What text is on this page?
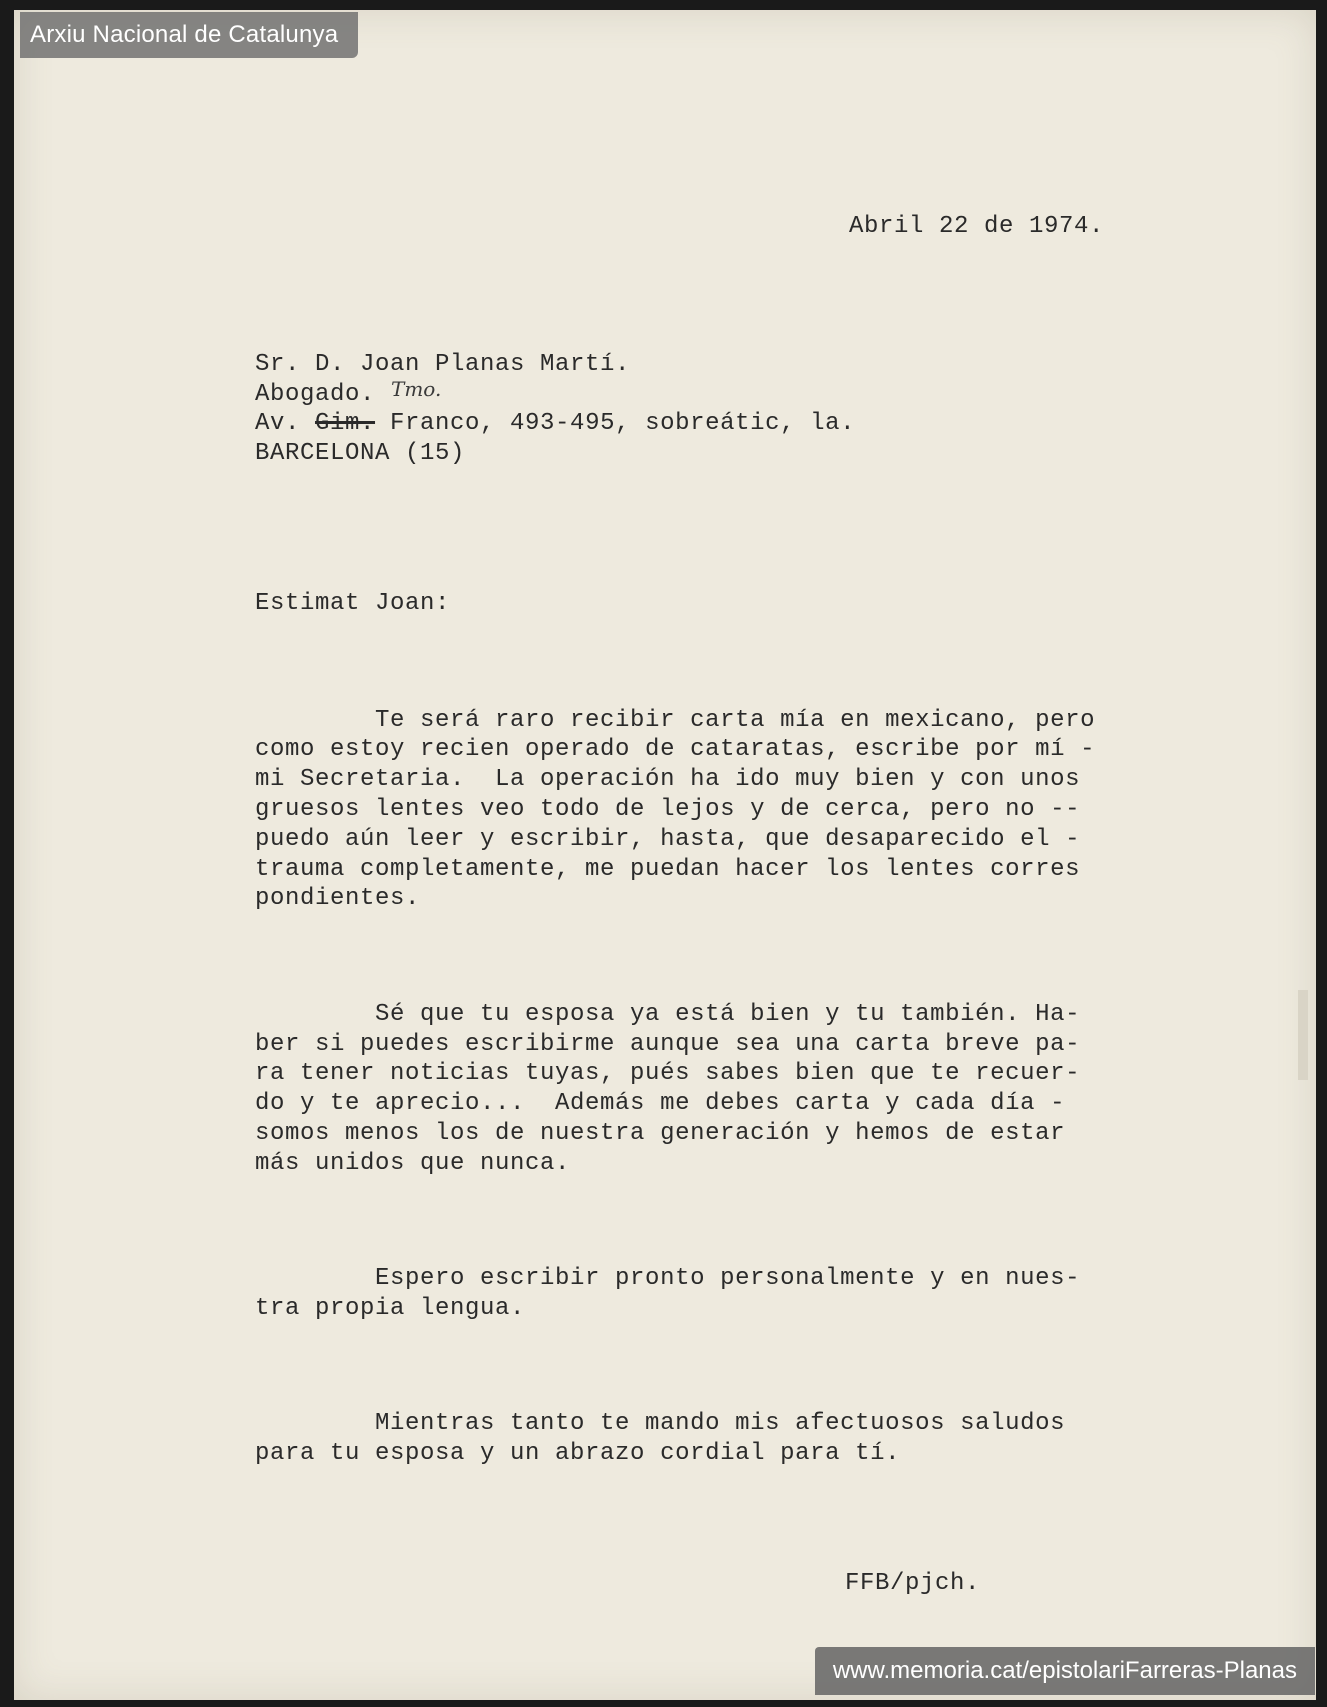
Abril 22 de 1974.
Sr. D. Joan Planas Martí.
Abogado.
Av. Gim. Franco, 493-495, sobreátic, la.
BARCELONA (15)
Tmo.
Estimat Joan:

Te será raro recibir carta mía en mexicano, pero
como estoy recien operado de cataratas, escribe por mí -
mi Secretaria.  La operación ha ido muy bien y con unos
gruesos lentes veo todo de lejos y de cerca, pero no --
puedo aún leer y escribir, hasta, que desaparecido el -
trauma completamente, me puedan hacer los lentes corres
pondientes.

Sé que tu esposa ya está bien y tu también. Ha-
ber si puedes escribirme aunque sea una carta breve pa-
ra tener noticias tuyas, pués sabes bien que te recuer-
do y te aprecio...  Además me debes carta y cada día -
somos menos los de nuestra generación y hemos de estar
más unidos que nunca.

Espero escribir pronto personalmente y en nues-
tra propia lengua.

Mientras tanto te mando mis afectuosos saludos
para tu esposa y un abrazo cordial para tí.

FFB/pjch.
Arxiu Nacional de Catalunya
www.memoria.cat/epistolariFarreras-Planas
